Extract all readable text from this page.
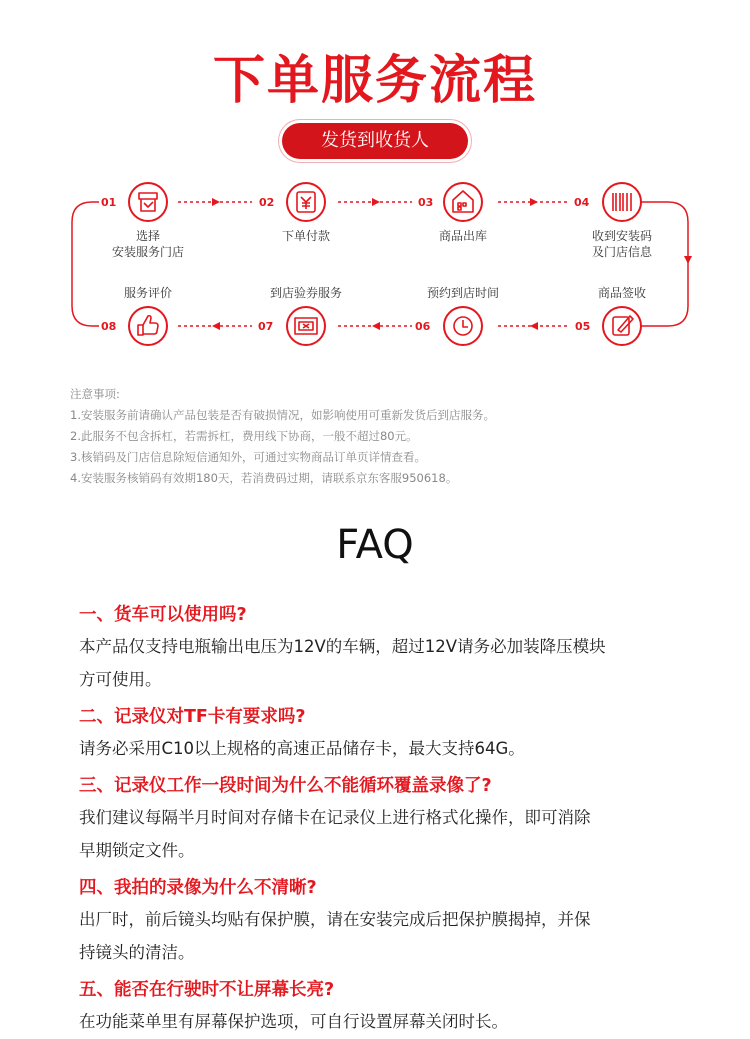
下单服务流程
发货到收货人
01	02	03	04
05
06
07
08
选择
安装服务门店
下单付款	商品出库	收到安装码
及门店信息
商品签收
预约到店时间
到店验券服务
服务评价
注意事项:
1.安装服务前请确认产品包装是否有破损情况，如影响使用可重新发货后到店服务。
2.此服务不包含拆杠，若需拆杠，费用线下协商，一般不超过80元。
3.核销码及门店信息除短信通知外，可通过实物商品订单页详情查看。
4.安装服务核销码有效期180天，若消费码过期，请联系京东客服950618。
FAQ
一、货车可以使用吗?
本产品仅支持电瓶输出电压为12V的车辆，超过12V请务必加装降压模块
方可使用。
二、记录仪对TF卡有要求吗?
请务必采用C10以上规格的高速正品储存卡，最大支持64G。
三、记录仪工作一段时间为什么不能循环覆盖录像了?
我们建议每隔半月时间对存储卡在记录仪上进行格式化操作，即可消除
早期锁定文件。
四、我拍的录像为什么不清晰?
出厂时，前后镜头均贴有保护膜，请在安装完成后把保护膜揭掉，并保
持镜头的清洁。
五、能否在行驶时不让屏幕长亮?
在功能菜单里有屏幕保护选项，可自行设置屏幕关闭时长。
